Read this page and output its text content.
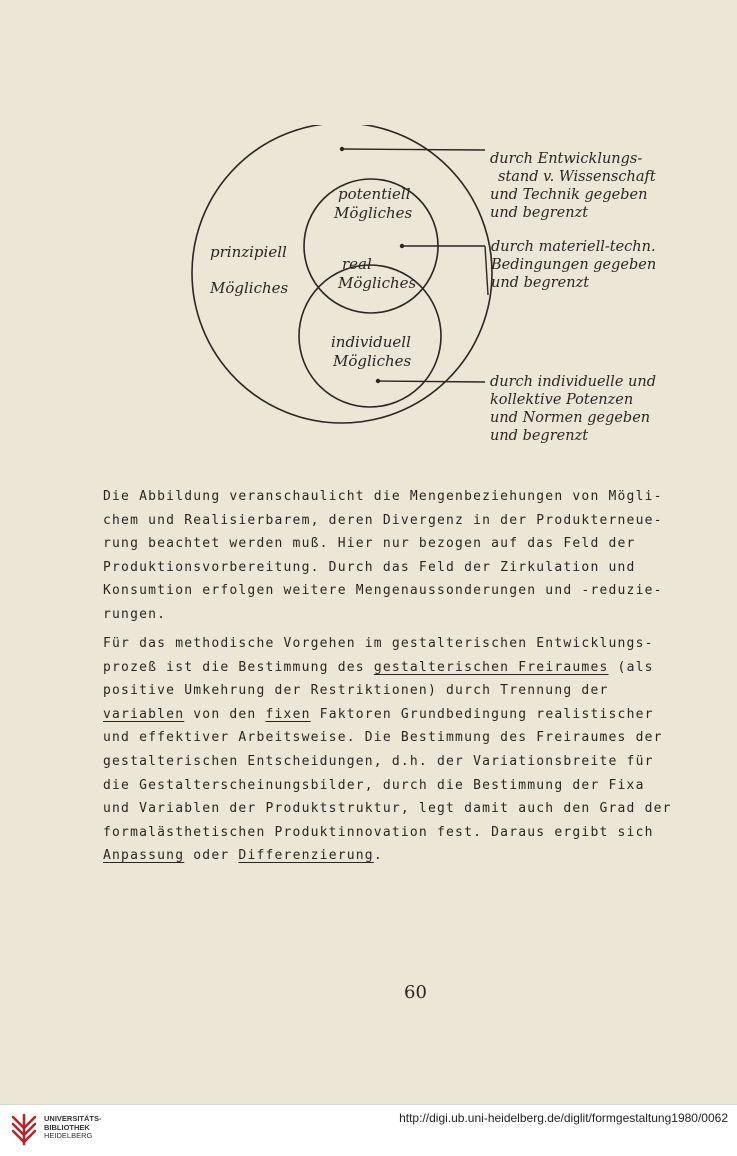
prinzipiell
Mögliches
potentiell
Mögliches
real
Mögliches
individuell
Mögliches
durch Entwicklungs-
stand v. Wissenschaft
und Technik gegeben
und begrenzt
durch materiell-techn.
Bedingungen gegeben
und begrenzt
durch individuelle und
kollektive Potenzen
und Normen gegeben
und begrenzt

Die Abbildung veranschaulicht die Mengenbeziehungen von Mögli-
chem und Realisierbarem, deren Divergenz in der Produkterneue-
rung beachtet werden muß. Hier nur bezogen auf das Feld der
Produktionsvorbereitung. Durch das Feld der Zirkulation und
Konsumtion erfolgen weitere Mengenaussonderungen und -reduzie-
rungen.

Für das methodische Vorgehen im gestalterischen Entwicklungs-
prozeß ist die Bestimmung des gestalterischen Freiraumes (als
positive Umkehrung der Restriktionen) durch Trennung der
variablen von den fixen Faktoren Grundbedingung realistischer
und effektiver Arbeitsweise. Die Bestimmung des Freiraumes der
gestalterischen Entscheidungen, d.h. der Variationsbreite für
die Gestalterscheinungsbilder, durch die Bestimmung der Fixa
und Variablen der Produktstruktur, legt damit auch den Grad der
formalästhetischen Produktinnovation fest. Daraus ergibt sich
Anpassung oder Differenzierung.

60
UNIVERSITÄTS-
BIBLIOTHEK
HEIDELBERG
http://digi.ub.uni-heidelberg.de/diglit/formgestaltung1980/0062
